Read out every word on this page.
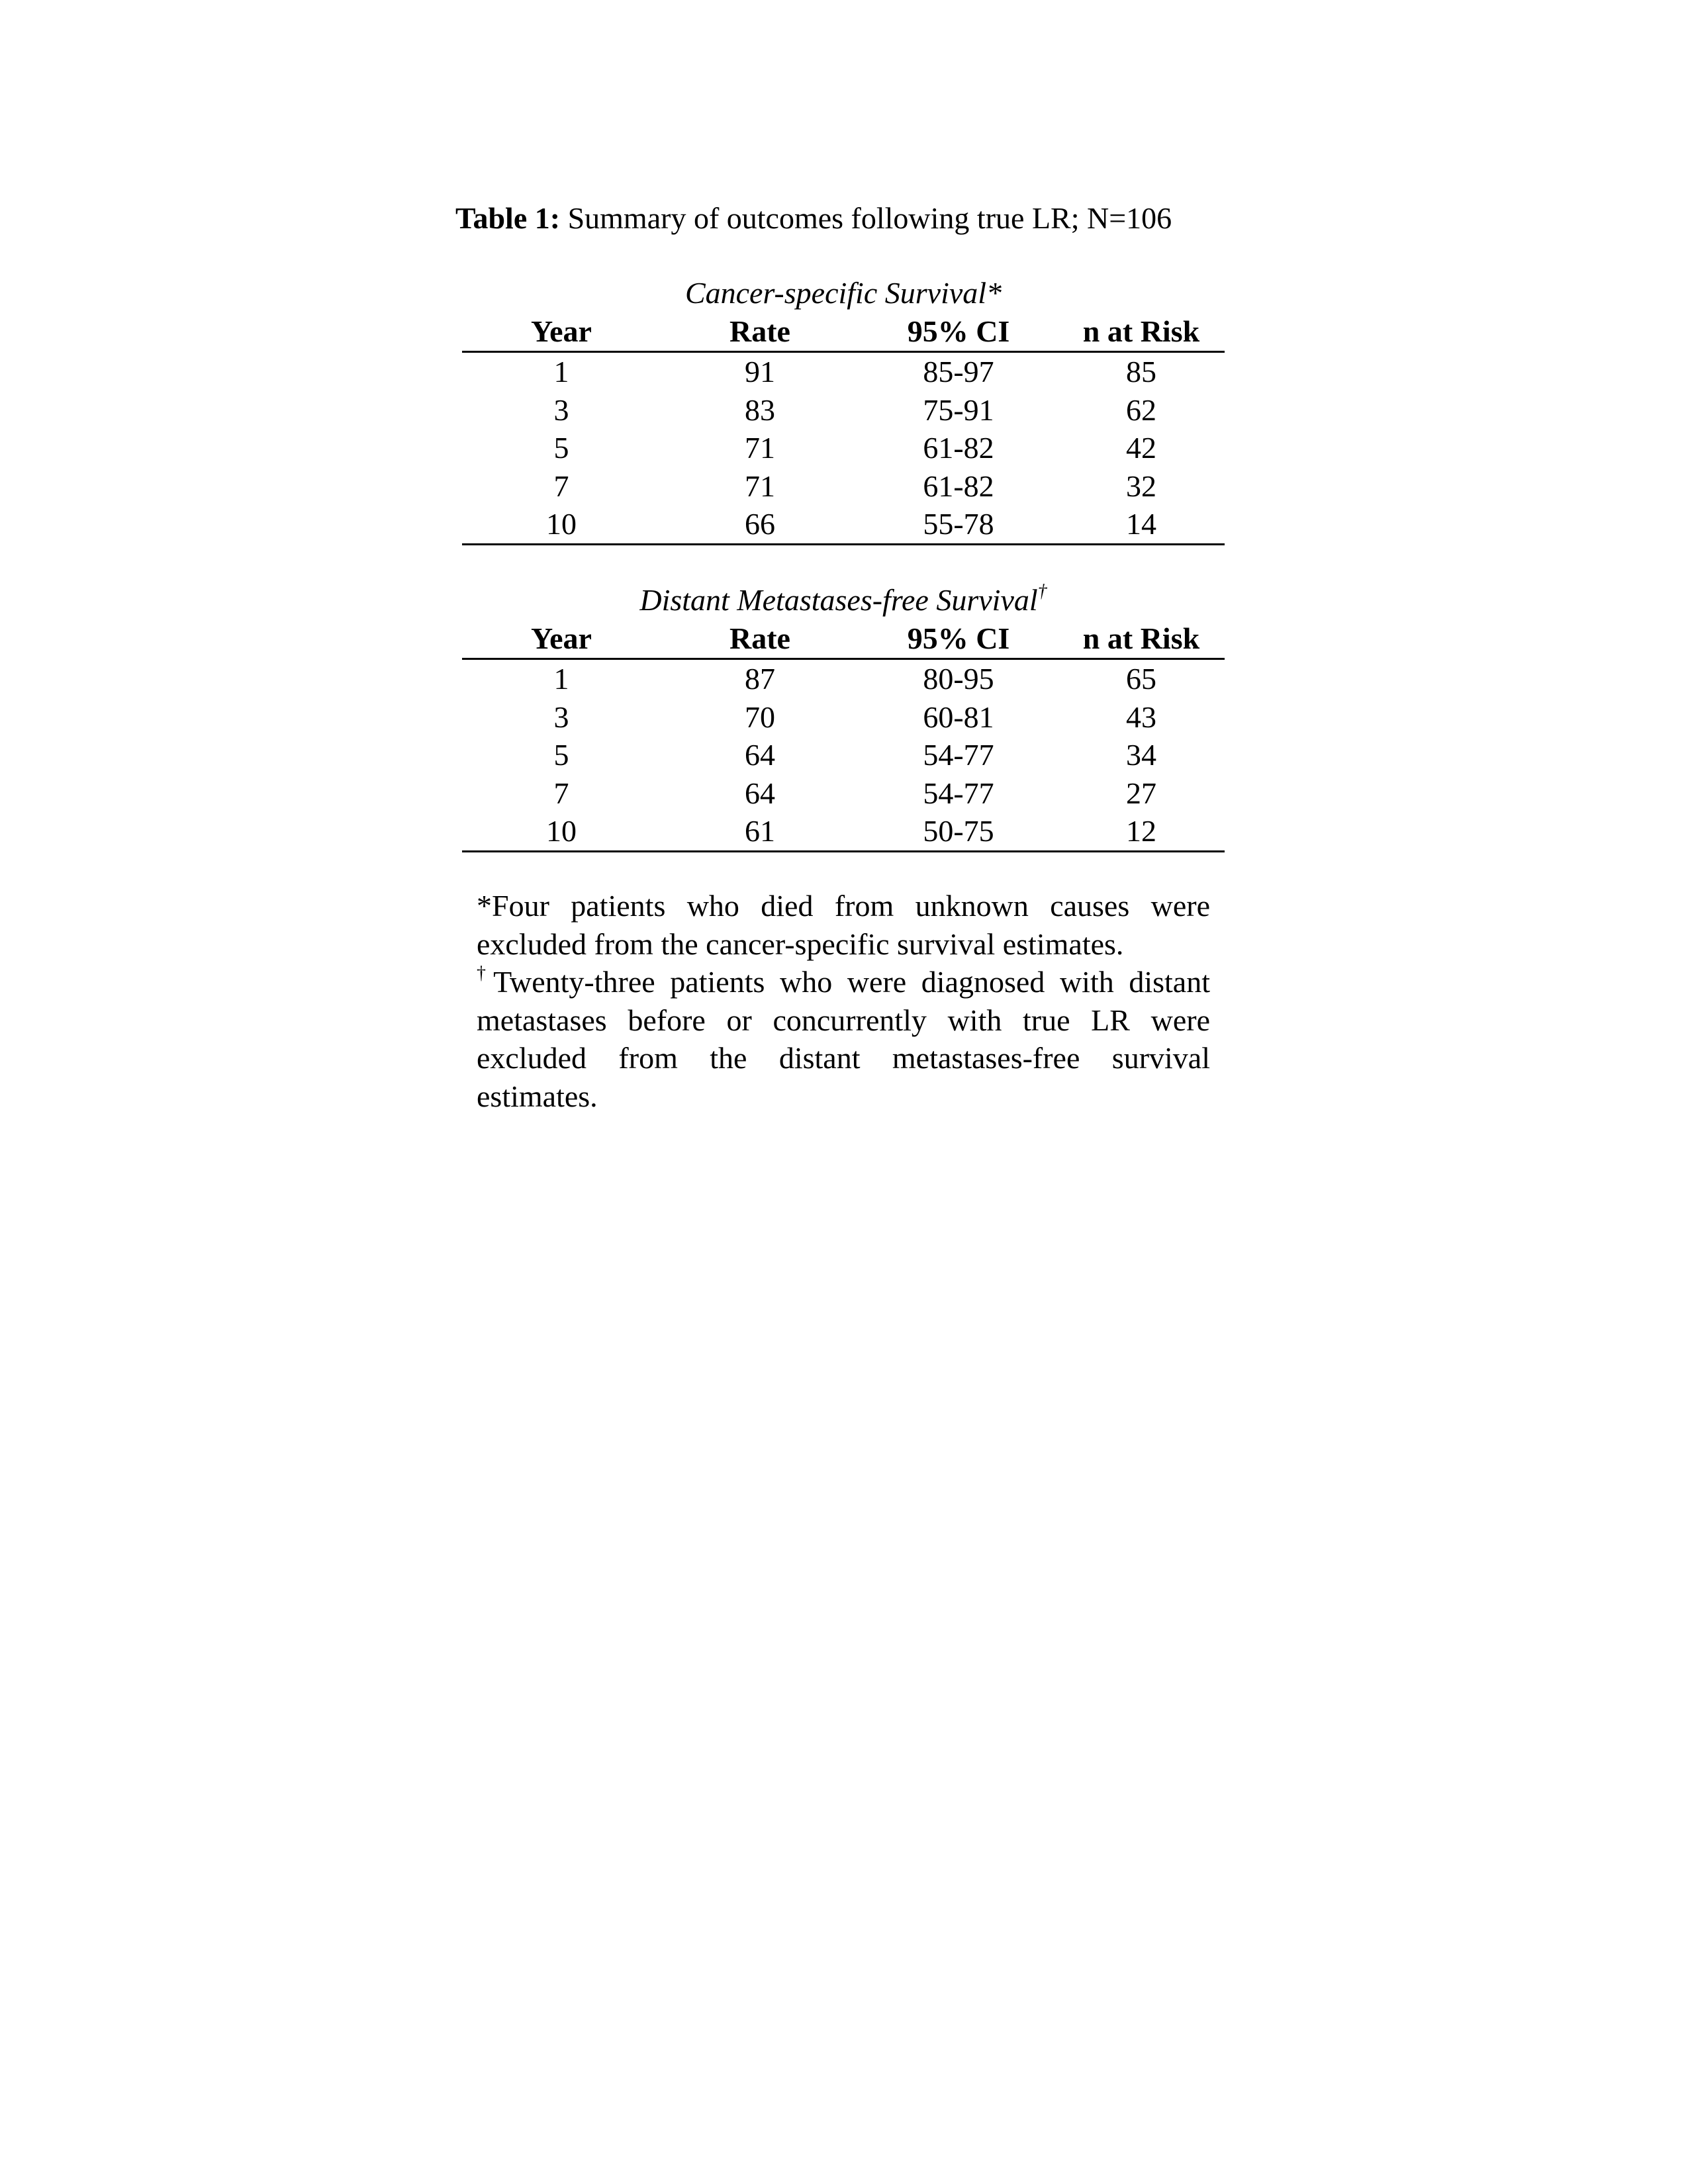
Table 1: Summary of outcomes following true LR; N=106
Cancer-specific Survival*
Year	Rate	95% CI	n at Risk
1	91	85-97	85
3	83	75-91	62
5	71	61-82	42
7	71	61-82	32
10	66	55-78	14
Distant Metastases-free Survival†
Year	Rate	95% CI	n at Risk
1	87	80-95	65
3	70	60-81	43
5	64	54-77	34
7	64	54-77	27
10	61	50-75	12

*Four patients who died from unknown causes were excluded from the cancer-specific survival estimates.

†Twenty-three patients who were diagnosed with distant metastases before or concurrently with true LR were excluded from the distant metastases-free survival estimates.
